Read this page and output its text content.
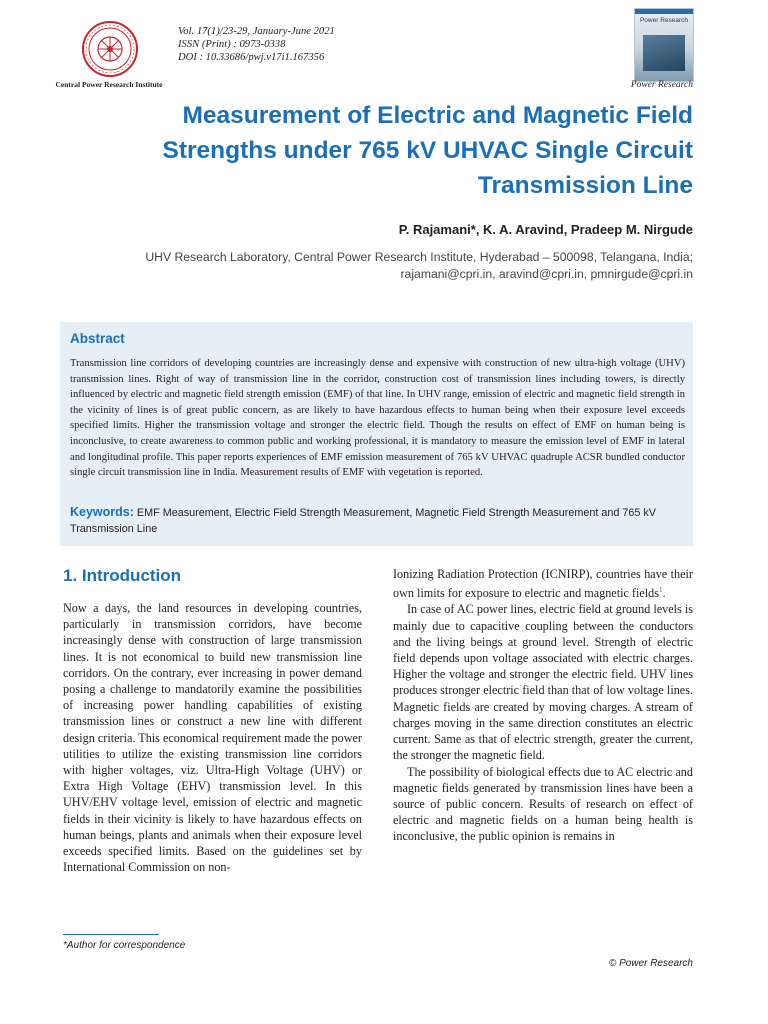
Central Power Research Institute
Vol. 17(1)/23-29, January-June 2021
ISSN (Print) : 0973-0338
DOI : 10.33686/pwj.v17i1.167356
Power Research
Power Research
Measurement of Electric and Magnetic Field Strengths under 765 kV UHVAC Single Circuit Transmission Line
P. Rajamani*, K. A. Aravind, Pradeep M. Nirgude
UHV Research Laboratory, Central Power Research Institute, Hyderabad – 500098, Telangana, India;
rajamani@cpri.in, aravind@cpri.in, pmnirgude@cpri.in
Abstract
Transmission line corridors of developing countries are increasingly dense and expensive with construction of new ultra-high voltage (UHV) transmission lines. Right of way of transmission line in the corridor, construction cost of transmission lines including towers, is directly influenced by electric and magnetic field strength emission (EMF) of that line. In UHV range, emission of electric and magnetic field strength in the vicinity of lines is of great public concern, as are likely to have hazardous effects to human being when their exposure level exceeds specified limits. Higher the transmission voltage and stronger the electric field. Though the results on effect of EMF on human being is inconclusive, to create awareness to common public and working professional, it is mandatory to measure the emission level of EMF in lateral and longitudinal profile. This paper reports experiences of EMF emission measurement of 765 kV UHVAC quadruple ACSR bundled conductor single circuit transmission line in India. Measurement results of EMF with vegetation is reported.
Keywords: EMF Measurement, Electric Field Strength Measurement, Magnetic Field Strength Measurement and 765 kV Transmission Line
1. Introduction

Now a days, the land resources in developing countries, particularly in transmission corridors, have become increasingly dense with construction of large transmission lines. It is not economical to build new transmission line corridors. On the contrary, ever increasing in power demand posing a challenge to mandatorily examine the possibilities of increasing power handling capabilities of existing transmission lines or construct a new line with different design criteria. This economical requirement made the power utilities to utilize the existing transmission line corridors with higher voltages, viz. Ultra-High Voltage (UHV) or Extra High Voltage (EHV) transmission level. In this UHV/EHV voltage level, emission of electric and magnetic fields in their vicinity is likely to have hazardous effects on human beings, plants and animals when their exposure level exceeds specified limits. Based on the guidelines set by International Commission on non-

Ionizing Radiation Protection (ICNIRP), countries have their own limits for exposure to electric and magnetic fields$^1$.

In case of AC power lines, electric field at ground levels is mainly due to capacitive coupling between the conductors and the living beings at ground level. Strength of electric field depends upon voltage associated with electric charges. Higher the voltage and stronger the electric field. UHV lines produces stronger electric field than that of low voltage lines. Magnetic fields are created by moving charges. A stream of charges moving in the same direction constitutes an electric current. Same as that of electric strength, greater the current, the stronger the magnetic field.

The possibility of biological effects due to AC electric and magnetic fields generated by transmission lines have been a source of public concern. Results of research on effect of electric and magnetic fields on a human being health is inconclusive, the public opinion is remains in

*Author for correspondence
© Power Research
